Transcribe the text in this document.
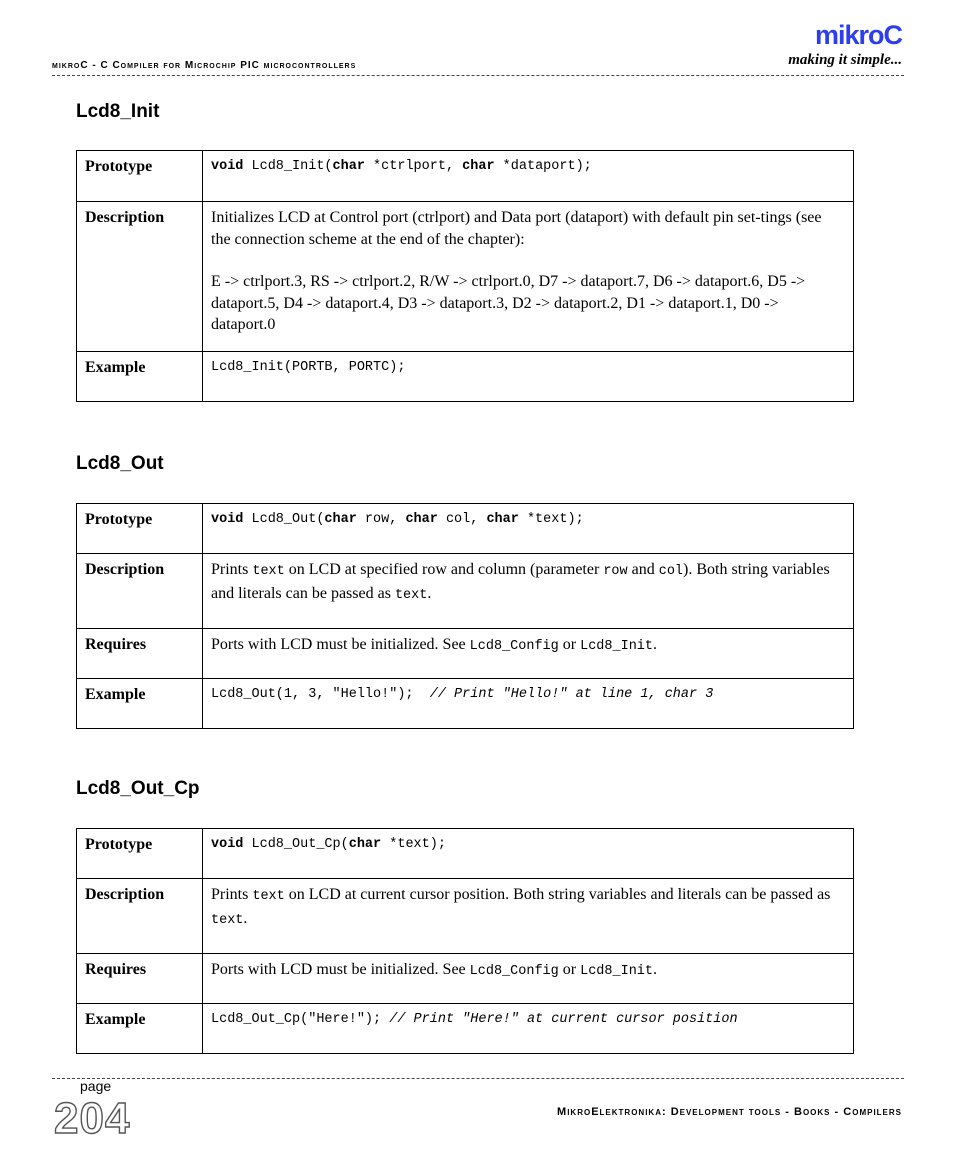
mikroC - C Compiler for Microchip PIC microcontrollers
mikroC
making it simple...
Lcd8_Init
Prototype	void Lcd8_Init(char *ctrlport, char *dataport);
Description	Initializes LCD at Control port (ctrlport) and Data port (dataport) with default pin set-tings (see the connection scheme at the end of the chapter):
E -> ctrlport.3, RS -> ctrlport.2, R/W -> ctrlport.0, D7 -> dataport.7, D6 -> dataport.6, D5 -> dataport.5, D4 -> dataport.4, D3 -> dataport.3, D2 -> dataport.2, D1 -> dataport.1, D0 -> dataport.0

Example	Lcd8_Init(PORTB, PORTC);
Lcd8_Out
Prototype	void Lcd8_Out(char row, char col, char *text);
Description	Prints text on LCD at specified row and column (parameter row and col). Both string variables and literals can be passed as text.
Requires	Ports with LCD must be initialized. See Lcd8_Config or Lcd8_Init.
Example	Lcd8_Out(1, 3, "Hello!");  // Print "Hello!" at line 1, char 3
Lcd8_Out_Cp
Prototype	void Lcd8_Out_Cp(char *text);
Description	Prints text on LCD at current cursor position. Both string variables and literals can be passed as text.
Requires	Ports with LCD must be initialized. See Lcd8_Config or Lcd8_Init.
Example	Lcd8_Out_Cp("Here!"); // Print "Here!" at current cursor position
page
204	MikroElektronika: Development tools - Books - Compilers
